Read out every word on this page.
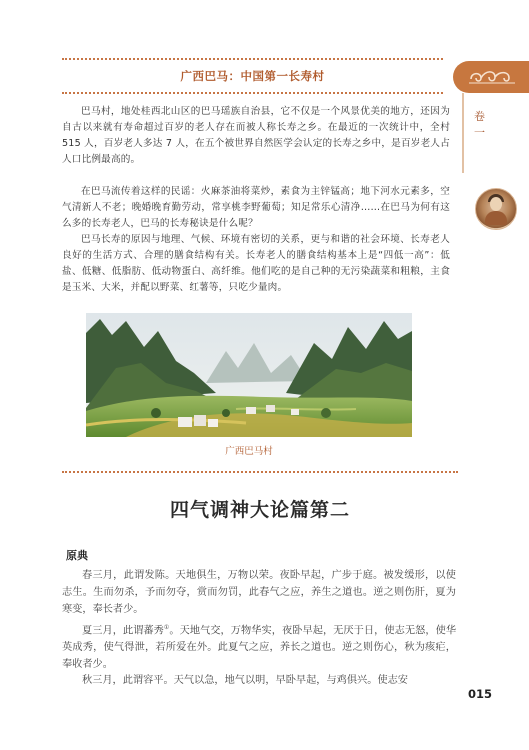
广西巴马：中国第一长寿村
巴马村，地处桂西北山区的巴马瑶族自治县，它不仅是一个风景优美的地方，还因为自古以来就有寿命超过百岁的老人存在而被人称长寿之乡。在最近的一次统计中，全村 515 人，百岁老人多达 7 人，在五个被世界自然医学会认定的长寿之乡中，是百岁老人占人口比例最高的。
在巴马流传着这样的民谣：火麻茶油将菜炒，素食为主锌锰高；地下河水元素多，空气清新人不老；晚婚晚育勤劳动，常享桃李野葡萄；知足常乐心清净……在巴马为何有这么多的长寿老人，巴马的长寿秘诀是什么呢？
巴马长寿的原因与地理、气候、环境有密切的关系，更与和谐的社会环境、长寿老人良好的生活方式、合理的膳食结构有关。长寿老人的膳食结构基本上是“四低一高”：低盐、低糖、低脂肪、低动物蛋白、高纤维。他们吃的是自己种的无污染蔬菜和粗粮，主食是玉米、大米，并配以野菜、红薯等，只吃少量肉。
卷 一
广西巴马村
四气调神大论篇第二
原典
春三月，此谓发陈。天地俱生，万物以荣。夜卧早起，广步于庭。被发缓形，以使志生。生而勿杀，予而勿夺，赏而勿罚，此春气之应，养生之道也。逆之则伤肝，夏为寒变，奉长者少。
夏三月，此谓蕃秀①。天地气交，万物华实，夜卧早起，无厌于日，使志无怒，使华英成秀，使气得泄，若所爱在外。此夏气之应，养长之道也。逆之则伤心，秋为痎疟，奉收者少。
秋三月，此谓容平。天气以急，地气以明，早卧早起，与鸡俱兴。使志安
015
